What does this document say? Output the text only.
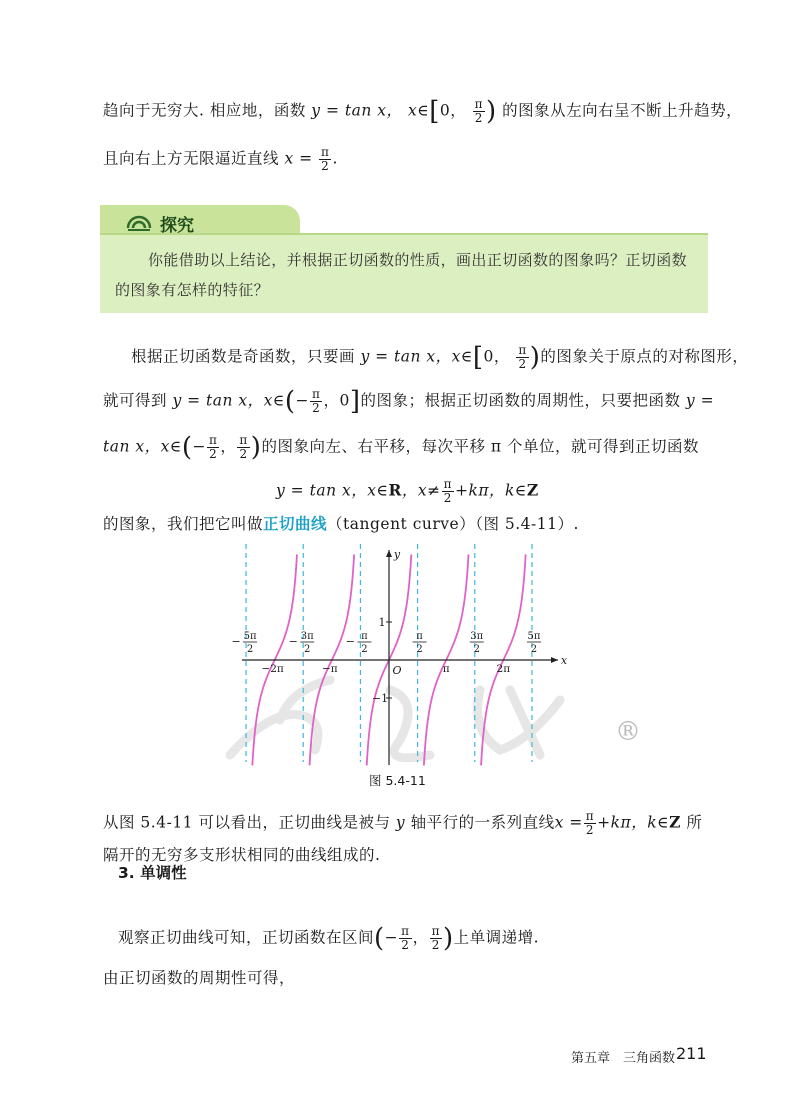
趋向于无穷大. 相应地，函数 y = tan x， x∈[0， $\frac{\pi}{2}$ ) 的图象从左向右呈不断上升趋势，
且向右上方无限逼近直线 $x = \frac{\pi}{2}$ .
探究
你能借助以上结论，并根据正切函数的性质，画出正切函数的图象吗？正切函数
的图象有怎样的特征？
根据正切函数是奇函数，只要画 y = tan x，x∈[0， $\frac{\pi}{2}$ )的图象关于原点的对称图形，
就可得到 y = tan x，x∈(− $\frac{\pi}{2}$ ，0]的图象；根据正切函数的周期性，只要把函数 y =
tan x，x∈(− $\frac{\pi}{2}$ ， $\frac{\pi}{2}$ )的图象向左、右平移，每次平移 π 个单位，就可得到正切函数
y = tan x，x∈R，$x\ne \frac{\pi}{2} +k\pi$，k∈Z
的图象，我们把它叫做正切曲线（tangent curve）（图 5.4-11）.
®
x
y
O
1
−1
−2π	−π	π	2π
− 5π
2
− 3π
2
− π
2
π
2
3π
2
5π
2
图 5.4-11
从图 5.4-11 可以看出，正切曲线是被与 y 轴平行的一系列直线$x = \frac{\pi}{2} +k\pi$，k∈Z 所
隔开的无穷多支形状相同的曲线组成的.
3. 单调性
观察正切曲线可知，正切函数在区间(− $\frac{\pi}{2}$ ， $\frac{\pi}{2}$ )上单调递增.
由正切函数的周期性可得，
第五章　三角函数 211
